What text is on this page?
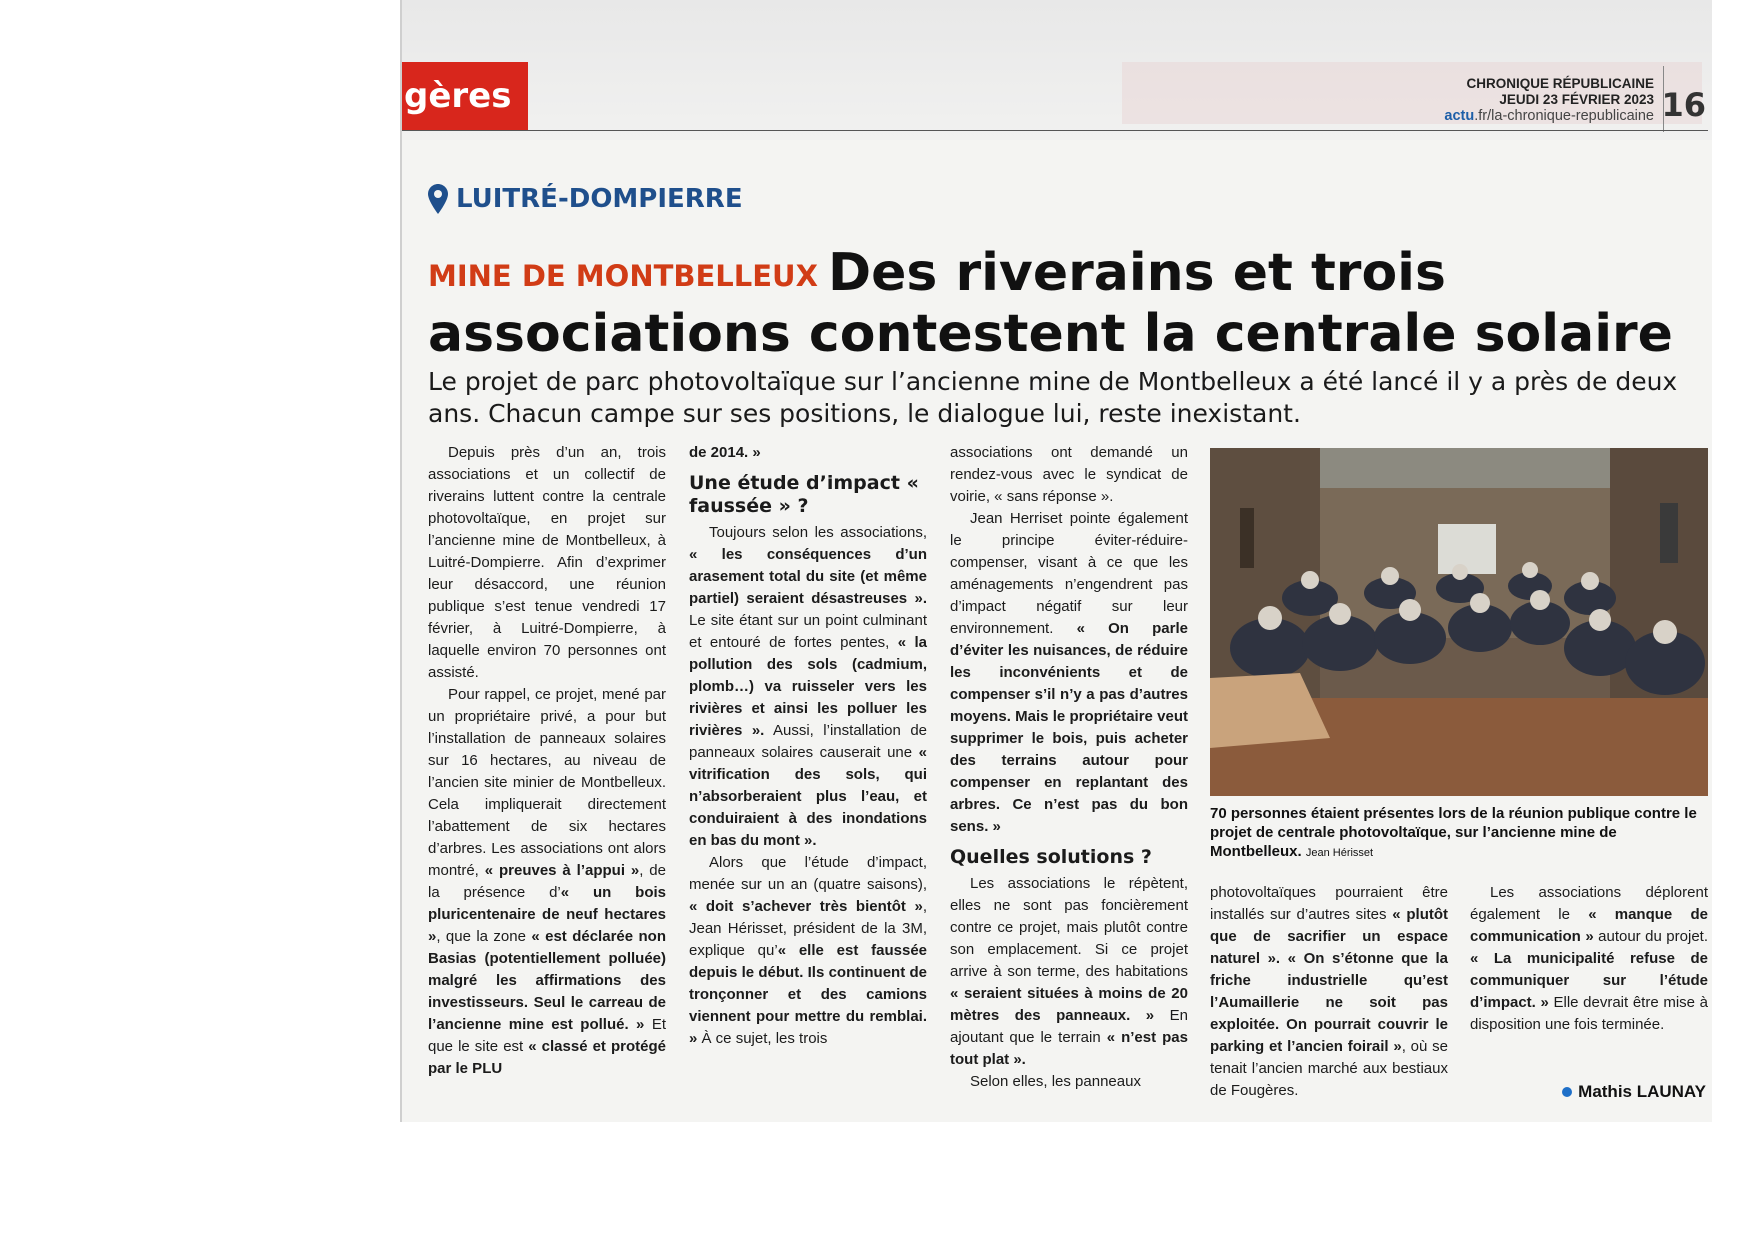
gères	CHRONIQUE RÉPUBLICAINE
JEUDI 23 FÉVRIER 2023
actu.fr/la-chronique-republicaine 16
LUITRÉ-DOMPIERRE
MINE DE MONTBELLEUX Des riverains et trois associations contestent la centrale solaire
Le projet de parc photovoltaïque sur l’ancienne mine de Montbelleux a été lancé il y a près de deux ans. Chacun campe sur ses positions, le dialogue lui, reste inexistant.

Depuis près d’un an, trois associations et un collectif de riverains luttent contre la centrale photovoltaïque, en projet sur l’ancienne mine de Montbelleux, à Luitré-Dompierre. Afin d’exprimer leur désaccord, une réunion publique s’est tenue vendredi 17 février, à Luitré-Dompierre, à laquelle environ 70 personnes ont assisté.

Pour rappel, ce projet, mené par un propriétaire privé, a pour but l’installation de panneaux solaires sur 16 hectares, au niveau de l’ancien site minier de Montbelleux. Cela impliquerait directement l’abattement de six hectares d’arbres. Les associations ont alors montré, « preuves à l’appui », de la présence d’« un bois pluricentenaire de neuf hectares », que la zone « est déclarée non Basias (potentiellement polluée) malgré les affirmations des investisseurs. Seul le carreau de l’ancienne mine est pollué. » Et que le site est « classé et protégé par le PLU

de 2014. »

Une étude d’impact « faussée » ?

Toujours selon les associations, « les conséquences d’un arasement total du site (et même partiel) seraient désastreuses ». Le site étant sur un point culminant et entouré de fortes pentes, « la pollution des sols (cadmium, plomb…) va ruisseler vers les rivières et ainsi les polluer les rivières ». Aussi, l’installation de panneaux solaires causerait une « vitrification des sols, qui n’absorberaient plus l’eau, et conduiraient à des inondations en bas du mont ».

Alors que l’étude d’impact, menée sur un an (quatre saisons), « doit s’achever très bientôt », Jean Hérisset, président de la 3M, explique qu’« elle est faussée depuis le début. Ils continuent de tronçonner et des camions viennent pour mettre du remblai. » À ce sujet, les trois

associations ont demandé un rendez-vous avec le syndicat de voirie, « sans réponse ».

Jean Herriset pointe également le principe éviter-réduire-compenser, visant à ce que les aménagements n’engendrent pas d’impact négatif sur leur environnement. « On parle d’éviter les nuisances, de réduire les inconvénients et de compenser s’il n’y a pas d’autres moyens. Mais le propriétaire veut supprimer le bois, puis acheter des terrains autour pour compenser en replantant des arbres. Ce n’est pas du bon sens. »

Quelles solutions ?

Les associations le répètent, elles ne sont pas foncièrement contre ce projet, mais plutôt contre son emplacement. Si ce projet arrive à son terme, des habitations « seraient situées à moins de 20 mètres des panneaux. » En ajoutant que le terrain « n’est pas tout plat ».

Selon elles, les panneaux

70 personnes étaient présentes lors de la réunion publique contre le projet de centrale photovoltaïque, sur l’ancienne mine de Montbelleux. Jean Hérisset

photovoltaïques pourraient être installés sur d’autres sites « plutôt que de sacrifier un espace naturel ». « On s’étonne que la friche industrielle qu’est l’Aumaillerie ne soit pas exploitée. On pourrait couvrir le parking et l’ancien foirail », où se tenait l’ancien marché aux bestiaux de Fougères.

Les associations déplorent également le « manque de communication » autour du projet. « La municipalité refuse de communiquer sur l’étude d’impact. » Elle devrait être mise à disposition une fois terminée.

Mathis LAUNAY
